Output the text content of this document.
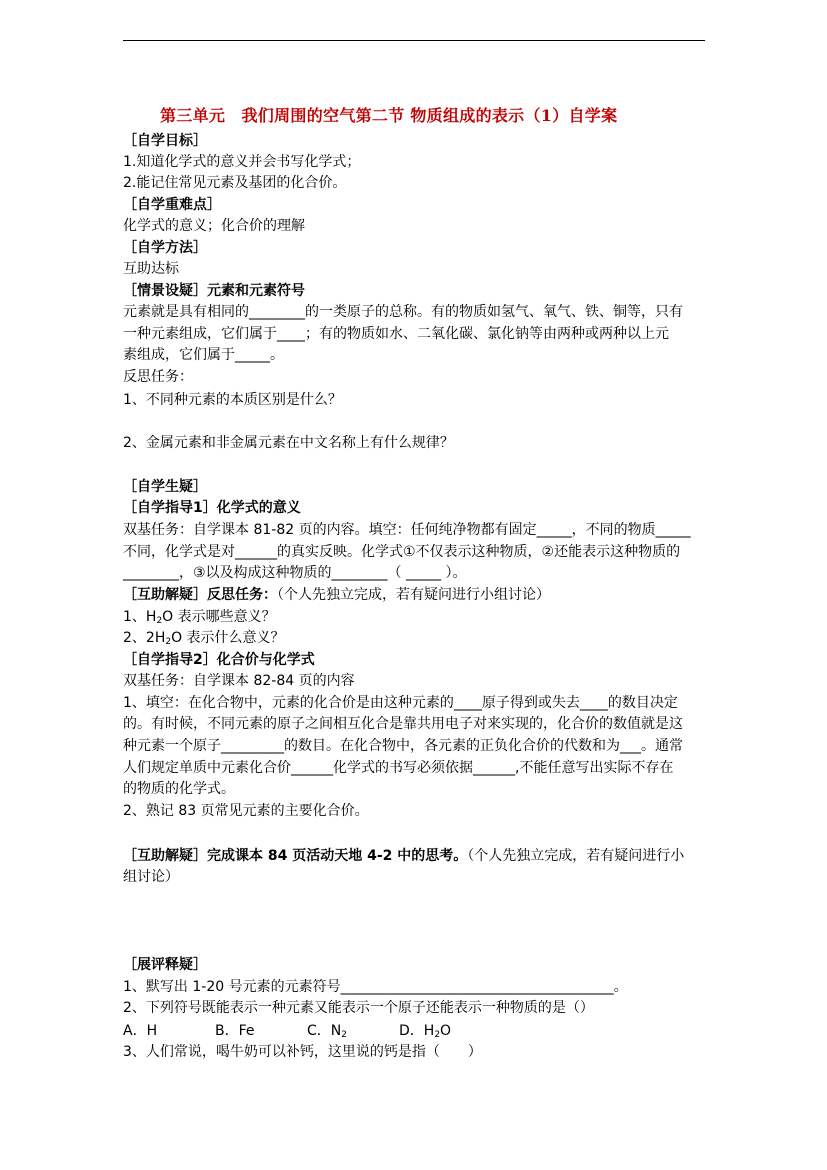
第三单元　我们周围的空气第二节 物质组成的表示（1）自学案
［自学目标］
1.知道化学式的意义并会书写化学式；
2.能记住常见元素及基团的化合价。
［自学重难点］
化学式的意义；化合价的理解
［自学方法］
互助达标
［情景设疑］元素和元素符号
元素就是具有相同的________的一类原子的总称。有的物质如氢气、氧气、铁、铜等，只有
一种元素组成，它们属于____；有的物质如水、二氧化碳、氯化钠等由两种或两种以上元
素组成，它们属于_____。
反思任务：
1、不同种元素的本质区别是什么？
2、金属元素和非金属元素在中文名称上有什么规律？
［自学生疑］
［自学指导1］化学式的意义
双基任务：自学课本 81-82 页的内容。填空：任何纯净物都有固定_____，不同的物质_____
不同，化学式是对______的真实反映。化学式①不仅表示这种物质，②还能表示这种物质的
________，③以及构成这种物质的________（ _____ ）。
［互助解疑］反思任务：（个人先独立完成，若有疑问进行小组讨论）
1、$H_2O$ 表示哪些意义？
2、$2H_2O$ 表示什么意义？
［自学指导2］化合价与化学式
双基任务：自学课本 82-84 页的内容
1、填空：在化合物中，元素的化合价是由这种元素的____原子得到或失去____的数目决定
的。有时候，不同元素的原子之间相互化合是靠共用电子对来实现的，化合价的数值就是这
种元素一个原子_________的数目。在化合物中，各元素的正负化合价的代数和为___。通常
人们规定单质中元素化合价______化学式的书写必须依据______,不能任意写出实际不存在
的物质的化学式。
2、熟记 83 页常见元素的主要化合价。
［互助解疑］完成课本 84 页活动天地 4-2 中的思考。（个人先独立完成，若有疑问进行小
组讨论）
［展评释疑］
1、默写出 1-20 号元素的元素符号_______________________________________。
2、下列符号既能表示一种元素又能表示一个原子还能表示一种物质的是（）
A．H	B．Fe	C．$N_2$	D．$H_2O$
3、人们常说，喝牛奶可以补钙，这里说的钙是指（　　）
